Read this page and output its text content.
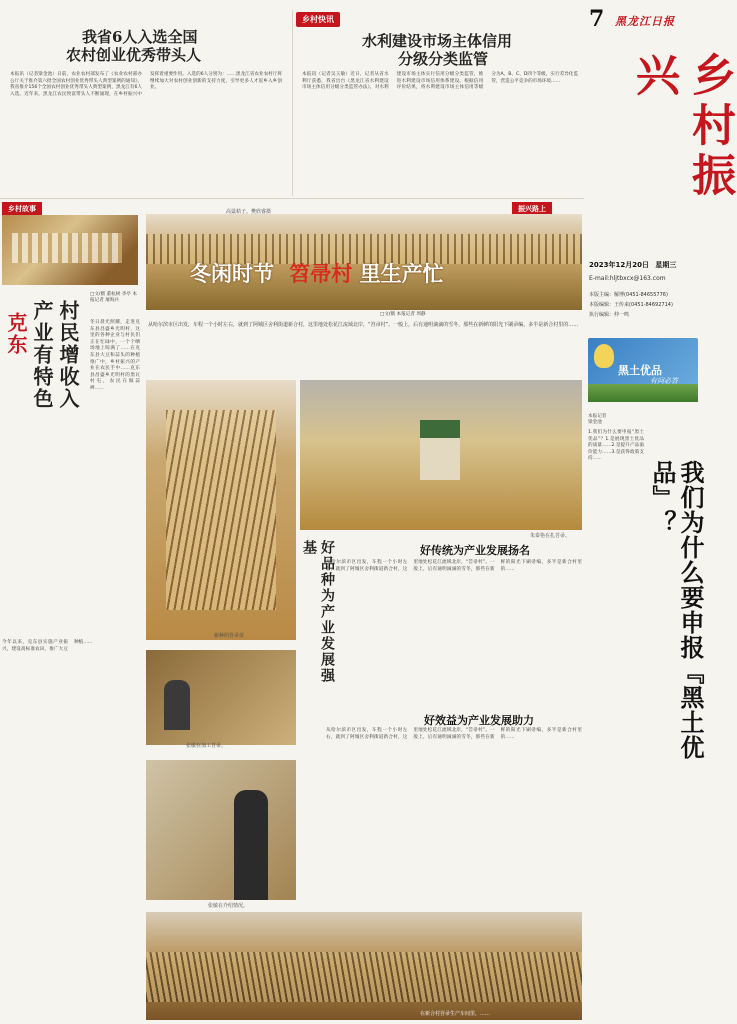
7 黑龙江日报
乡村振兴
2023年12月20日 星期三
E-mail:hljtbxcx@163.com
本版主编：解博(0451-84655776)
本版编辑：王传来(0451-84692714)
执行编辑：仲一鸣
黑土优品
有问必答
本报记者
梁金池
我们为什么要申报『黑土优品』？
1.我们为什么要申报“黑土优品”？1.是展现黑土优品的质量……2.是提升产品溢价能力……3.是获得政策支持……
我省6人入选全国
农村创业优秀带头人
本报讯（记者梁金池）日前，农业农村部发布了《农业农村部办公厅关于推介第六批全国农村创业优秀带头人典型案例的通知》，我省推介156个全国农村创业优秀带头人典型案例，黑龙江有6人入选。近年来，黑龙江农民致富带头人不断涌现，在乡村振兴中发挥着重要作用。入选的6人分别为：……黑龙江省农业农村厅将继续加大对农村创业创新的支持力度，引导更多人才返乡入乡创业。
乡村快讯
水利建设市场主体信用
分级分类监管
本报讯（记者吴玉敏）近日，记者从省水利厅获悉，我省出台《黑龙江省水利建设市场主体信用分级分类监管办法》，对水利建设市场主体实行信用分级分类监管，推进水利建设市场信用体系建设。根据信用评价结果，将水利建设市场主体信用等级分为A、B、C、D四个等级，实行差异化监管，营造公平竞争的市场环境……
乡村故事
克东 产业有特色 村民增收入
□文/摄 董杭树 李亭 本报记者 屠海兵
冬日晨光照耀，走进克东县昌盛乡光明村，这里的各种企业与村民们正在忙碌中，一个个晒场地上晾满了……在克东县大豆和蒜头的种植推广中，乡村振兴的产业在农民手中……克东县昌盛乡光明村的黑瓦村屯，农民在做蒜辫……
今年以来，克东县实施产业振兴，建设高标准农田，推广大豆种植……
振兴路上
高粱秸子。樊欣睿摄
冬闲时节 笤帚村 里生产忙
□文/摄 本报记者 周静
从哈尔滨市区出发，车程一个小时左右，就到了阿城区舍利街道新合村，这里地处松花江流域北岸，“笤帚村”。一般上，后有通明滴滴的雪冬，那些在新鲜的阳光下刷帚编，多半是新合村里的……
新种的笤帚苗
朱泰艳在扎苕帚。
好品种为产业发展强基	好传统为产业发展扬名
从哈尔滨市区出发，车程一个小时左右，就到了阿城区舍利街道新合村，这里地处松花江流域北岸，“笤帚村”。一般上，后有通明滴滴的雪冬，那些在新鲜的阳光下刷帚编，多半是新合村里的……
好效益为产业发展助力
从哈尔滨市区出发，车程一个小时左右，就到了阿城区舍利街道新合村，这里地处松花江流域北岸，“笤帚村”。一般上，后有通明滴滴的雪冬，那些在新鲜的阳光下刷帚编，多半是新合村里的……
张敏在加工苕帚。
张敏在介绍情况。
在新合村笤帚生产车间里，……
